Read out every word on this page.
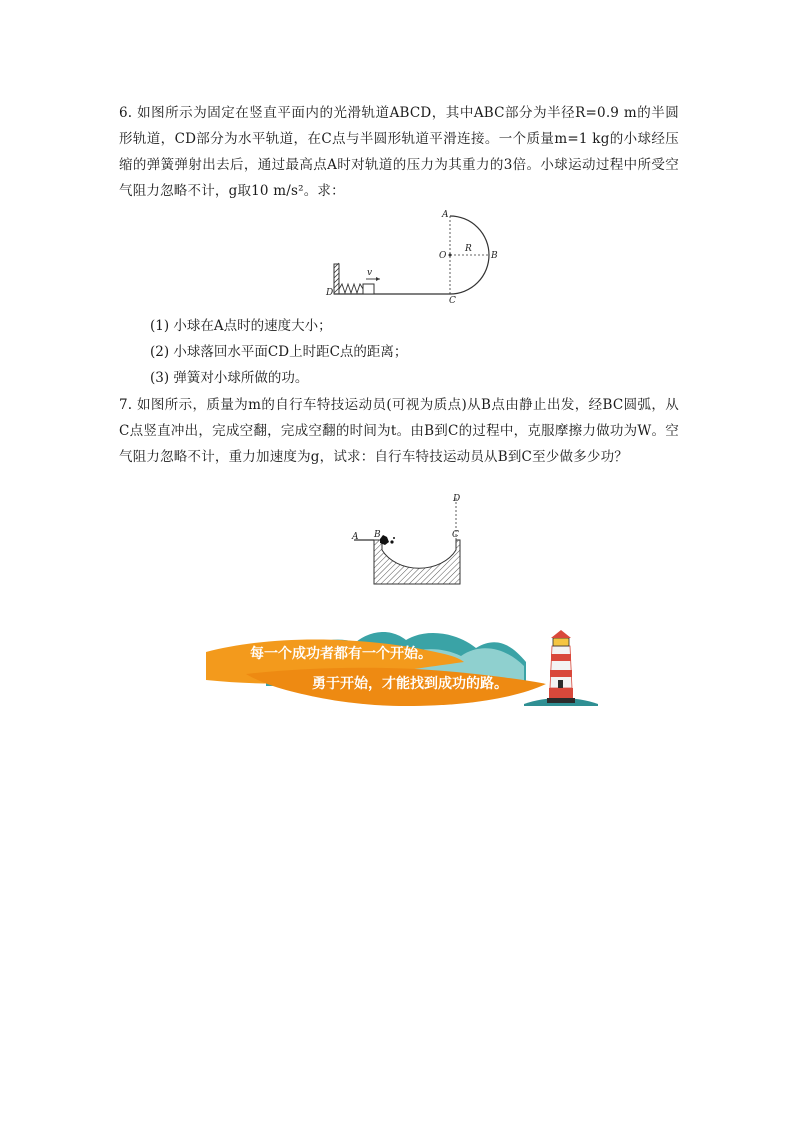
6. 如图所示为固定在竖直平面内的光滑轨道ABCD，其中ABC部分为半径R=0.9 m的半圆形轨道，CD部分为水平轨道，在C点与半圆形轨道平滑连接。一个质量m=1 kg的小球经压缩的弹簧弹射出去后，通过最高点A时对轨道的压力为其重力的3倍。小球运动过程中所受空气阻力忽略不计，g取10 m/s²。求：

D
v
A
O
R
B
C

(1) 小球在A点时的速度大小；

(2) 小球落回水平面CD上时距C点的距离；

(3) 弹簧对小球所做的功。

7. 如图所示，质量为m的自行车特技运动员(可视为质点)从B点由静止出发，经BC圆弧，从C点竖直冲出，完成空翻，完成空翻的时间为t。由B到C的过程中，克服摩擦力做功为W。空气阻力忽略不计，重力加速度为g，试求：自行车特技运动员从B到C至少做多少功？

A B	C
D
每一个成功者都有一个开始。
勇于开始，才能找到成功的路。
